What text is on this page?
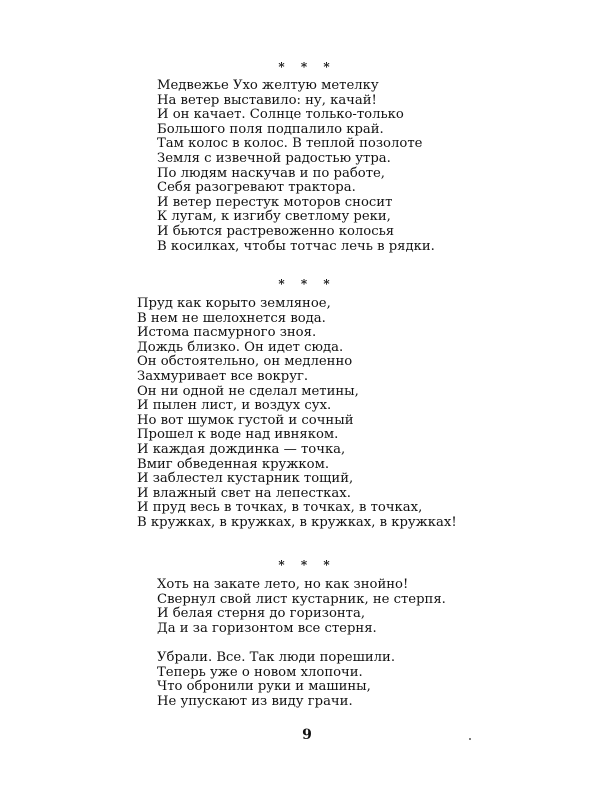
* * *
Медвежье Ухо желтую метелку
На ветер выставило: ну, качай!
И он качает. Солнце только-только
Большого поля подпалило край.
Там колос в колос. В теплой позолоте
Земля с извечной радостью утра.
По людям наскучав и по работе,
Себя разогревают трактора.
И ветер перестук моторов сносит
К лугам, к изгибу светлому реки,
И бьются растревоженно колосья
В косилках, чтобы тотчас лечь в рядки.
* * *
Пруд как корыто земляное,
В нем не шелохнется вода.
Истома пасмурного зноя.
Дождь близко. Он идет сюда.
Он обстоятельно, он медленно
Захмуривает все вокруг.
Он ни одной не сделал метины,
И пылен лист, и воздух сух.
Но вот шумок густой и сочный
Прошел к воде над ивняком.
И каждая дождинка — точка,
Вмиг обведенная кружком.
И заблестел кустарник тощий,
И влажный свет на лепестках.
И пруд весь в точках, в точках, в точках,
В кружках, в кружках, в кружках, в кружках!
* * *
Хоть на закате лето, но как знойно!
Свернул свой лист кустарник, не стерпя.
И белая стерня до горизонта,
Да и за горизонтом все стерня.
Убрали. Все. Так люди порешили.
Теперь уже о новом хлопочи.
Что обронили руки и машины,
Не упускают из виду грачи.
9
